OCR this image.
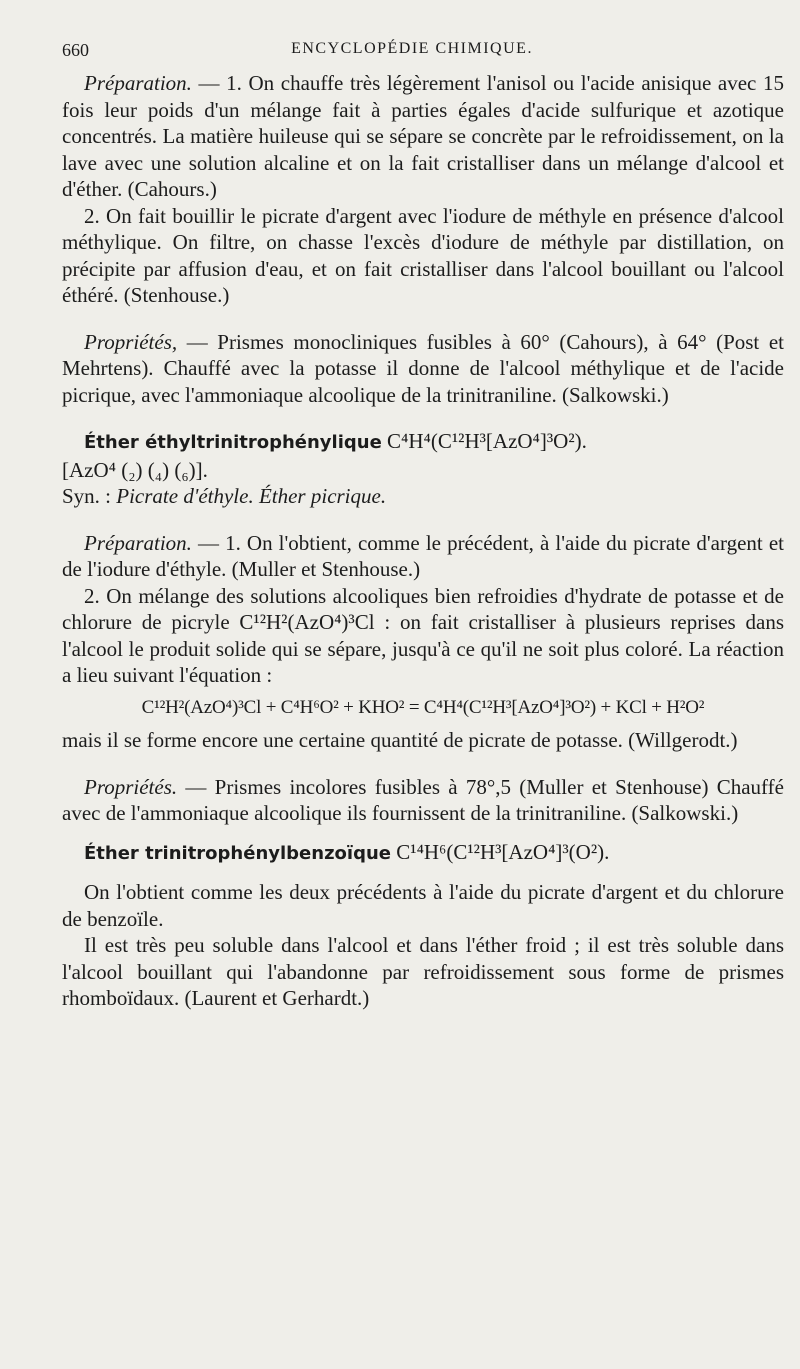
660	ENCYCLOPÉDIE CHIMIQUE.

Préparation. — 1. On chauffe très légèrement l'anisol ou l'acide anisique avec 15 fois leur poids d'un mélange fait à parties égales d'acide sulfurique et azotique concentrés. La matière huileuse qui se sépare se concrète par le refroidissement, on la lave avec une solution alcaline et on la fait cristalliser dans un mélange d'alcool et d'éther. (Cahours.)

2. On fait bouillir le picrate d'argent avec l'iodure de méthyle en présence d'alcool méthylique. On filtre, on chasse l'excès d'iodure de méthyle par distillation, on précipite par affusion d'eau, et on fait cristalliser dans l'alcool bouillant ou l'alcool éthéré. (Stenhouse.)

Propriétés, — Prismes monocliniques fusibles à 60° (Cahours), à 64° (Post et Mehrtens). Chauffé avec la potasse il donne de l'alcool méthylique et de l'acide picrique, avec l'ammoniaque alcoolique de la trinitraniline. (Salkowski.)

Éther éthyltrinitrophénylique C⁴H⁴(C¹²H³[AzO⁴]³O²).

[AzO⁴ (₂) (₄) (₆)].

Syn. : Picrate d'éthyle. Éther picrique.

Préparation. — 1. On l'obtient, comme le précédent, à l'aide du picrate d'argent et de l'iodure d'éthyle. (Muller et Stenhouse.)

2. On mélange des solutions alcooliques bien refroidies d'hydrate de potasse et de chlorure de picryle C¹²H²(AzO⁴)³Cl : on fait cristalliser à plusieurs reprises dans l'alcool le produit solide qui se sépare, jusqu'à ce qu'il ne soit plus coloré. La réaction a lieu suivant l'équation :

C¹²H²(AzO⁴)³Cl + C⁴H⁶O² + KHO² = C⁴H⁴(C¹²H³[AzO⁴]³O²) + KCl + H²O²

mais il se forme encore une certaine quantité de picrate de potasse. (Willgerodt.)

Propriétés. — Prismes incolores fusibles à 78°,5 (Muller et Stenhouse) Chauffé avec de l'ammoniaque alcoolique ils fournissent de la trinitraniline. (Salkowski.)

Éther trinitrophénylbenzoïque C¹⁴H⁶(C¹²H³[AzO⁴]³(O²).

On l'obtient comme les deux précédents à l'aide du picrate d'argent et du chlorure de benzoïle.

Il est très peu soluble dans l'alcool et dans l'éther froid ; il est très soluble dans l'alcool bouillant qui l'abandonne par refroidissement sous forme de prismes rhomboïdaux. (Laurent et Gerhardt.)
